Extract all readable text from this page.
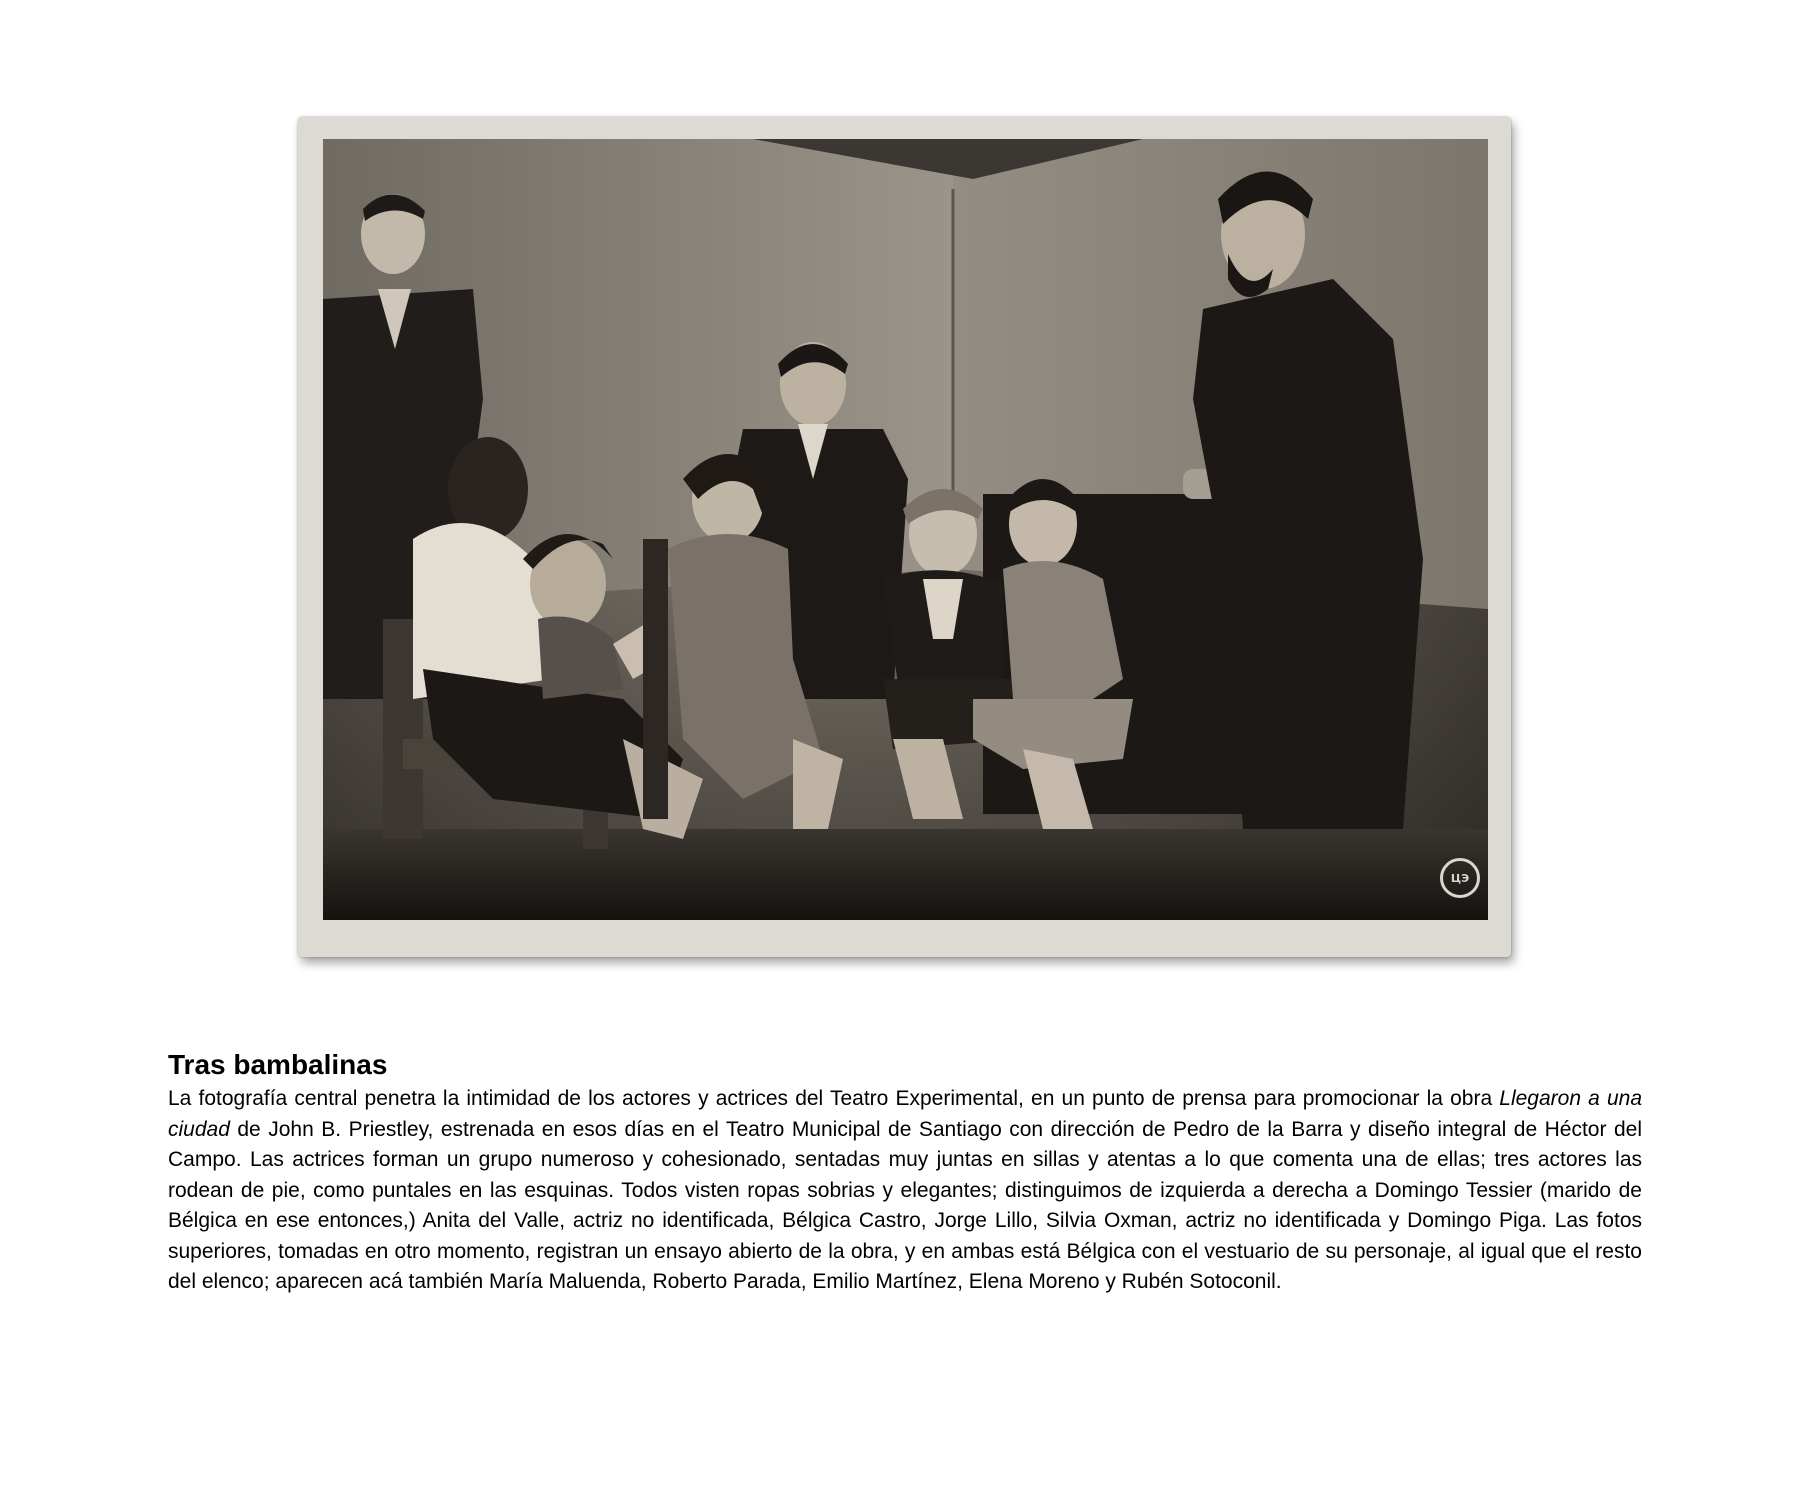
ЦЭ
Tras bambalinas

La fotografía central penetra la intimidad de los actores y actrices del Teatro Experimental, en un punto de prensa para promocionar la obra Llegaron a una ciudad de John B. Priestley, estrenada en esos días en el Teatro Municipal de Santiago con dirección de Pedro de la Barra y diseño integral de Héctor del Campo. Las actrices forman un grupo numeroso y cohesionado, sentadas muy juntas en sillas y atentas a lo que comenta una de ellas; tres actores las rodean de pie, como puntales en las esquinas. Todos visten ropas sobrias y elegantes; distinguimos de izquierda a derecha a Domingo Tessier (marido de Bélgica en ese entonces,) Anita del Valle, actriz no identificada, Bélgica Castro, Jorge Lillo, Silvia Oxman, actriz no identificada y Domingo Piga. Las fotos superiores, tomadas en otro momento, registran un ensayo abierto de la obra, y en ambas está Bélgica con el vestuario de su personaje, al igual que el resto del elenco; aparecen acá también María Maluenda, Roberto Parada, Emilio Martínez, Elena Moreno y Rubén Sotoconil.
